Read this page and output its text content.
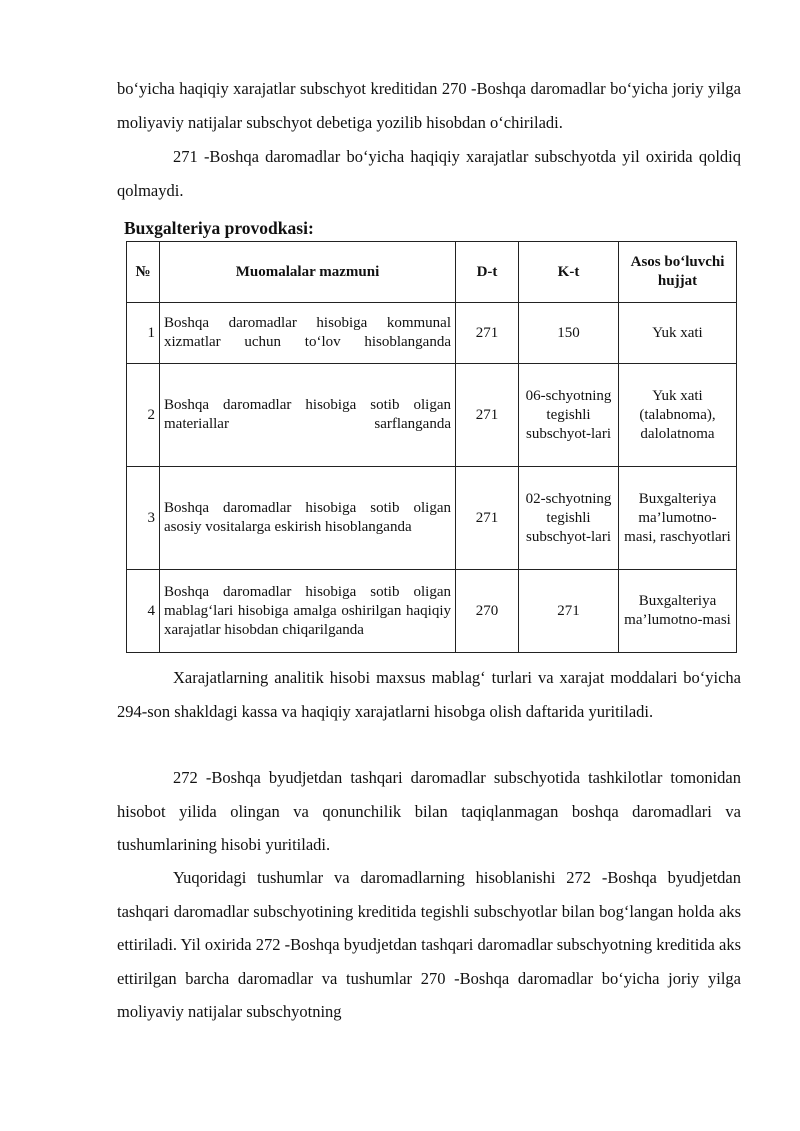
bo‘yicha haqiqiy xarajatlar subschyot kreditidan 270 -Boshqa daromadlar bo‘yicha joriy yilga moliyaviy natijalar subschyot debetiga yozilib hisobdan o‘chiriladi.

271 -Boshqa daromadlar bo‘yicha haqiqiy xarajatlar subschyotda yil oxirida qoldiq qolmaydi.

Buxgalteriya provodkasi:

№	Muomalalar mazmuni	D-t	K-t	Asos bo‘luvchi hujjat
1	Boshqa daromadlar hisobiga kommunal xizmatlar uchun to‘lov hisoblanganda	271	150	Yuk xati
2	Boshqa daromadlar hisobiga sotib oligan materiallar sarflanganda	271	06-schyotning tegishli subschyot-lari	Yuk xati (talabnoma), dalolatnoma
3	Boshqa daromadlar hisobiga sotib oligan asosiy vositalarga eskirish hisoblanganda	271	02-schyotning tegishli subschyot-lari	Buxgalteriya ma’lumotno-masi, raschyotlari
4	Boshqa daromadlar hisobiga sotib oligan mablag‘lari hisobiga amalga oshirilgan haqiqiy xarajatlar hisobdan chiqarilganda	270	271	Buxgalteriya ma’lumotno-masi

Xarajatlarning analitik hisobi maxsus mablag‘ turlari va xarajat moddalari bo‘yicha 294-son shakldagi kassa va haqiqiy xarajatlarni hisobga olish daftarida yuritiladi.

272 -Boshqa byudjetdan tashqari daromadlar subschyotida tashkilotlar tomonidan hisobot yilida olingan va qonunchilik bilan taqiqlanmagan boshqa daromadlari va tushumlarining hisobi yuritiladi.

Yuqoridagi tushumlar va daromadlarning hisoblanishi 272 -Boshqa byudjetdan tashqari daromadlar subschyotining kreditida tegishli subschyotlar bilan bog‘langan holda aks ettiriladi. Yil oxirida 272 -Boshqa byudjetdan tashqari daromadlar subschyotning kreditida aks ettirilgan barcha daromadlar va tushumlar 270 -Boshqa daromadlar bo‘yicha joriy yilga moliyaviy natijalar subschyotning
